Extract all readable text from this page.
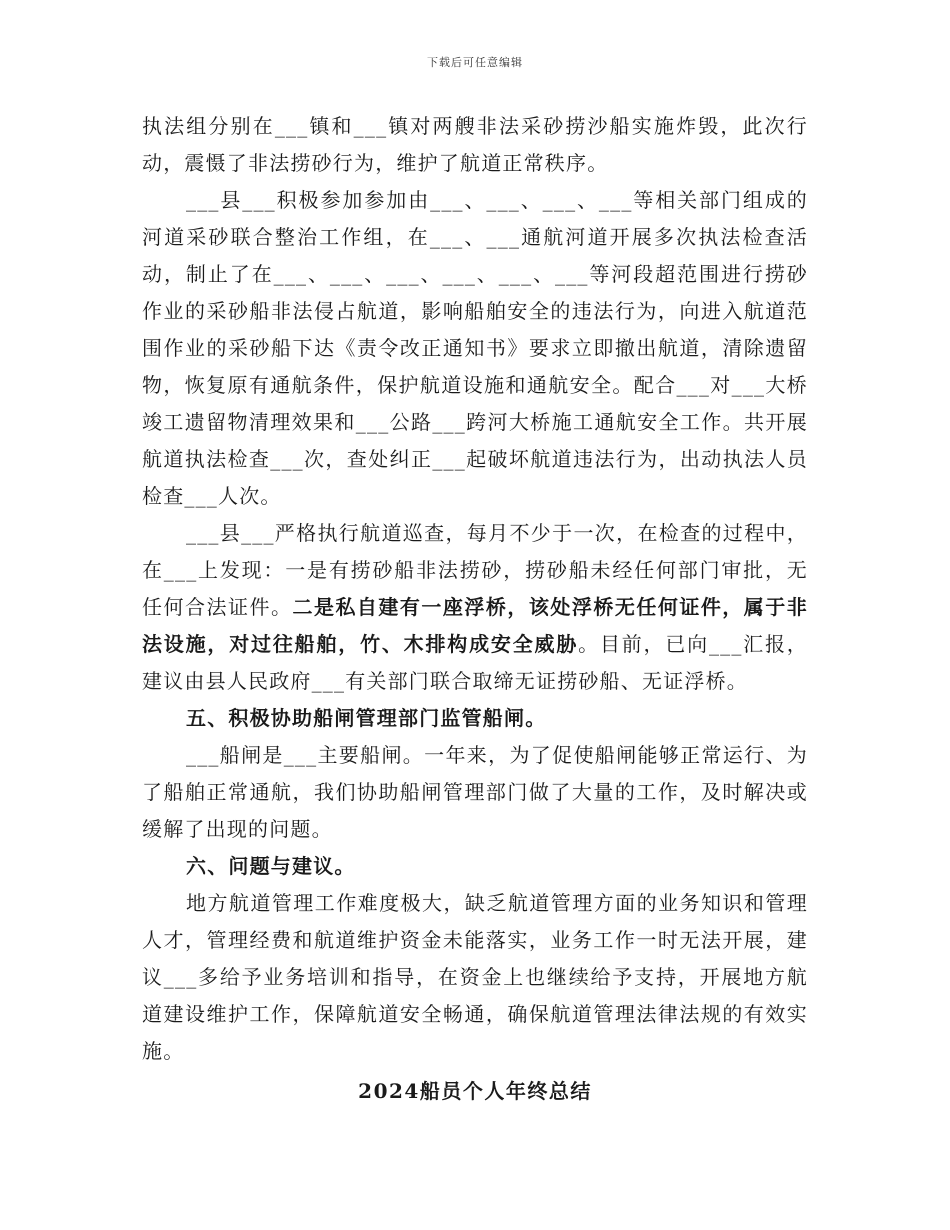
下载后可任意编辑

执法组分别在___镇和___镇对两艘非法采砂捞沙船实施炸毁，此次行动，震慑了非法捞砂行为，维护了航道正常秩序。

___县___积极参加参加由___、___、___、___等相关部门组成的河道采砂联合整治工作组，在___、___通航河道开展多次执法检查活动，制止了在___、___、___、___、___、___等河段超范围进行捞砂作业的采砂船非法侵占航道，影响船舶安全的违法行为，向进入航道范围作业的采砂船下达《责令改正通知书》要求立即撤出航道，清除遗留物，恢复原有通航条件，保护航道设施和通航安全。配合___对___大桥竣工遗留物清理效果和___公路___跨河大桥施工通航安全工作。共开展航道执法检查___次，查处纠正___起破坏航道违法行为，出动执法人员检查___人次。

___县___严格执行航道巡查，每月不少于一次，在检查的过程中，在___上发现：一是有捞砂船非法捞砂，捞砂船未经任何部门审批，无任何合法证件。二是私自建有一座浮桥，该处浮桥无任何证件，属于非法设施，对过往船舶，竹、木排构成安全威胁。目前，已向___汇报，建议由县人民政府___有关部门联合取缔无证捞砂船、无证浮桥。

五、积极协助船闸管理部门监管船闸。

___船闸是___主要船闸。一年来，为了促使船闸能够正常运行、为了船舶正常通航，我们协助船闸管理部门做了大量的工作，及时解决或缓解了出现的问题。

六、问题与建议。

地方航道管理工作难度极大，缺乏航道管理方面的业务知识和管理人才，管理经费和航道维护资金未能落实，业务工作一时无法开展，建议___多给予业务培训和指导，在资金上也继续给予支持，开展地方航道建设维护工作，保障航道安全畅通，确保航道管理法律法规的有效实施。

2024船员个人年终总结
